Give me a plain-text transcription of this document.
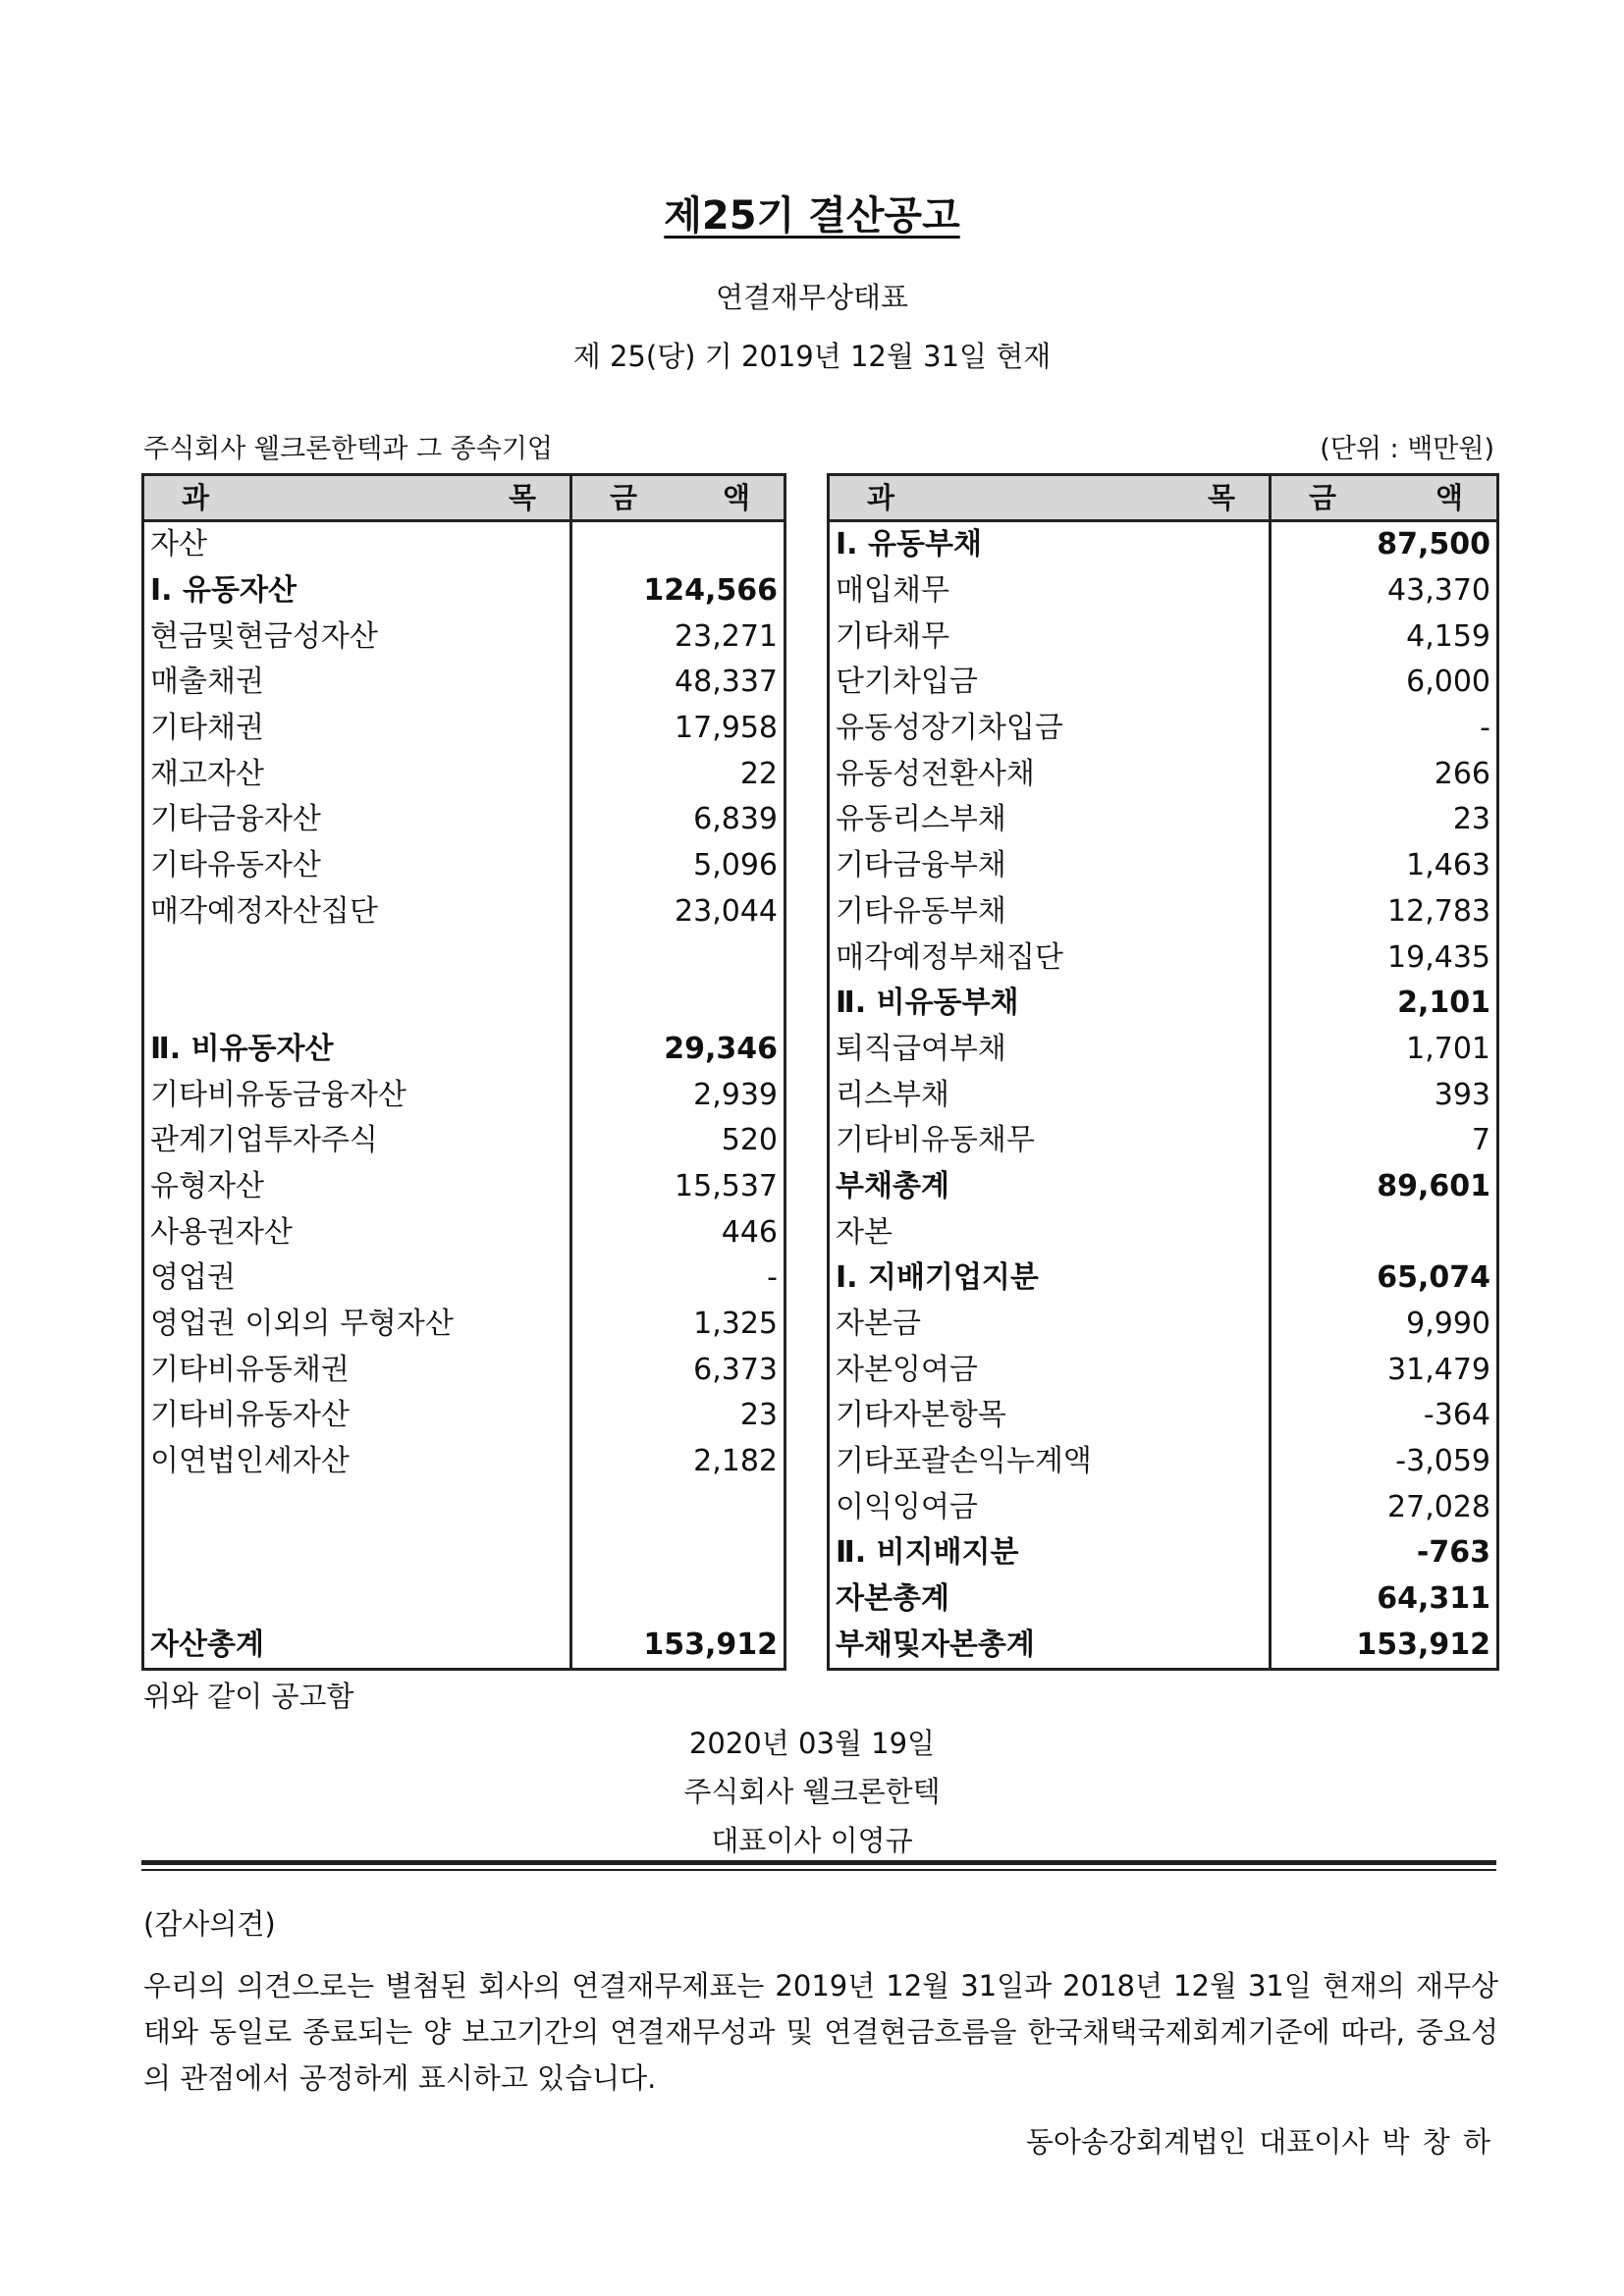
제25기 결산공고
연결재무상태표
제 25(당) 기 2019년 12월 31일 현재
주식회사 웰크론한텍과 그 종속기업	(단위 : 백만원)
과 목	금 액

자산	
Ⅰ. 유동자산	124,566
현금및현금성자산	23,271
매출채권	48,337
기타채권	17,958
재고자산	22
기타금융자산	6,839
기타유동자산	5,096
매각예정자산집단	23,044

Ⅱ. 비유동자산	29,346
기타비유동금융자산	2,939
관계기업투자주식	520
유형자산	15,537
사용권자산	446
영업권	-
영업권 이외의 무형자산	1,325
기타비유동채권	6,373
기타비유동자산	23
이연법인세자산	2,182

자산총계	153,912
과 목	금 액

Ⅰ. 유동부채	87,500
매입채무	43,370
기타채무	4,159
단기차입금	6,000
유동성장기차입금	-
유동성전환사채	266
유동리스부채	23
기타금융부채	1,463
기타유동부채	12,783
매각예정부채집단	19,435
Ⅱ. 비유동부채	2,101
퇴직급여부채	1,701
리스부채	393
기타비유동채무	7
부채총계	89,601
자본	
Ⅰ. 지배기업지분	65,074
자본금	9,990
자본잉여금	31,479
기타자본항목	-364
기타포괄손익누계액	-3,059
이익잉여금	27,028
Ⅱ. 비지배지분	-763
자본총계	64,311
부채및자본총계	153,912
위와 같이 공고함
2020년 03월 19일
주식회사 웰크론한텍
대표이사 이영규
(감사의견)
우리의 의견으로는 별첨된 회사의 연결재무제표는 2019년 12월 31일과 2018년 12월 31일 현재의 재무상태와 동일로 종료되는 양 보고기간의 연결재무성과 및 연결현금흐름을 한국채택국제회계기준에 따라, 중요성의 관점에서 공정하게 표시하고 있습니다.
동아송강회계법인 대표이사 박 창 하
